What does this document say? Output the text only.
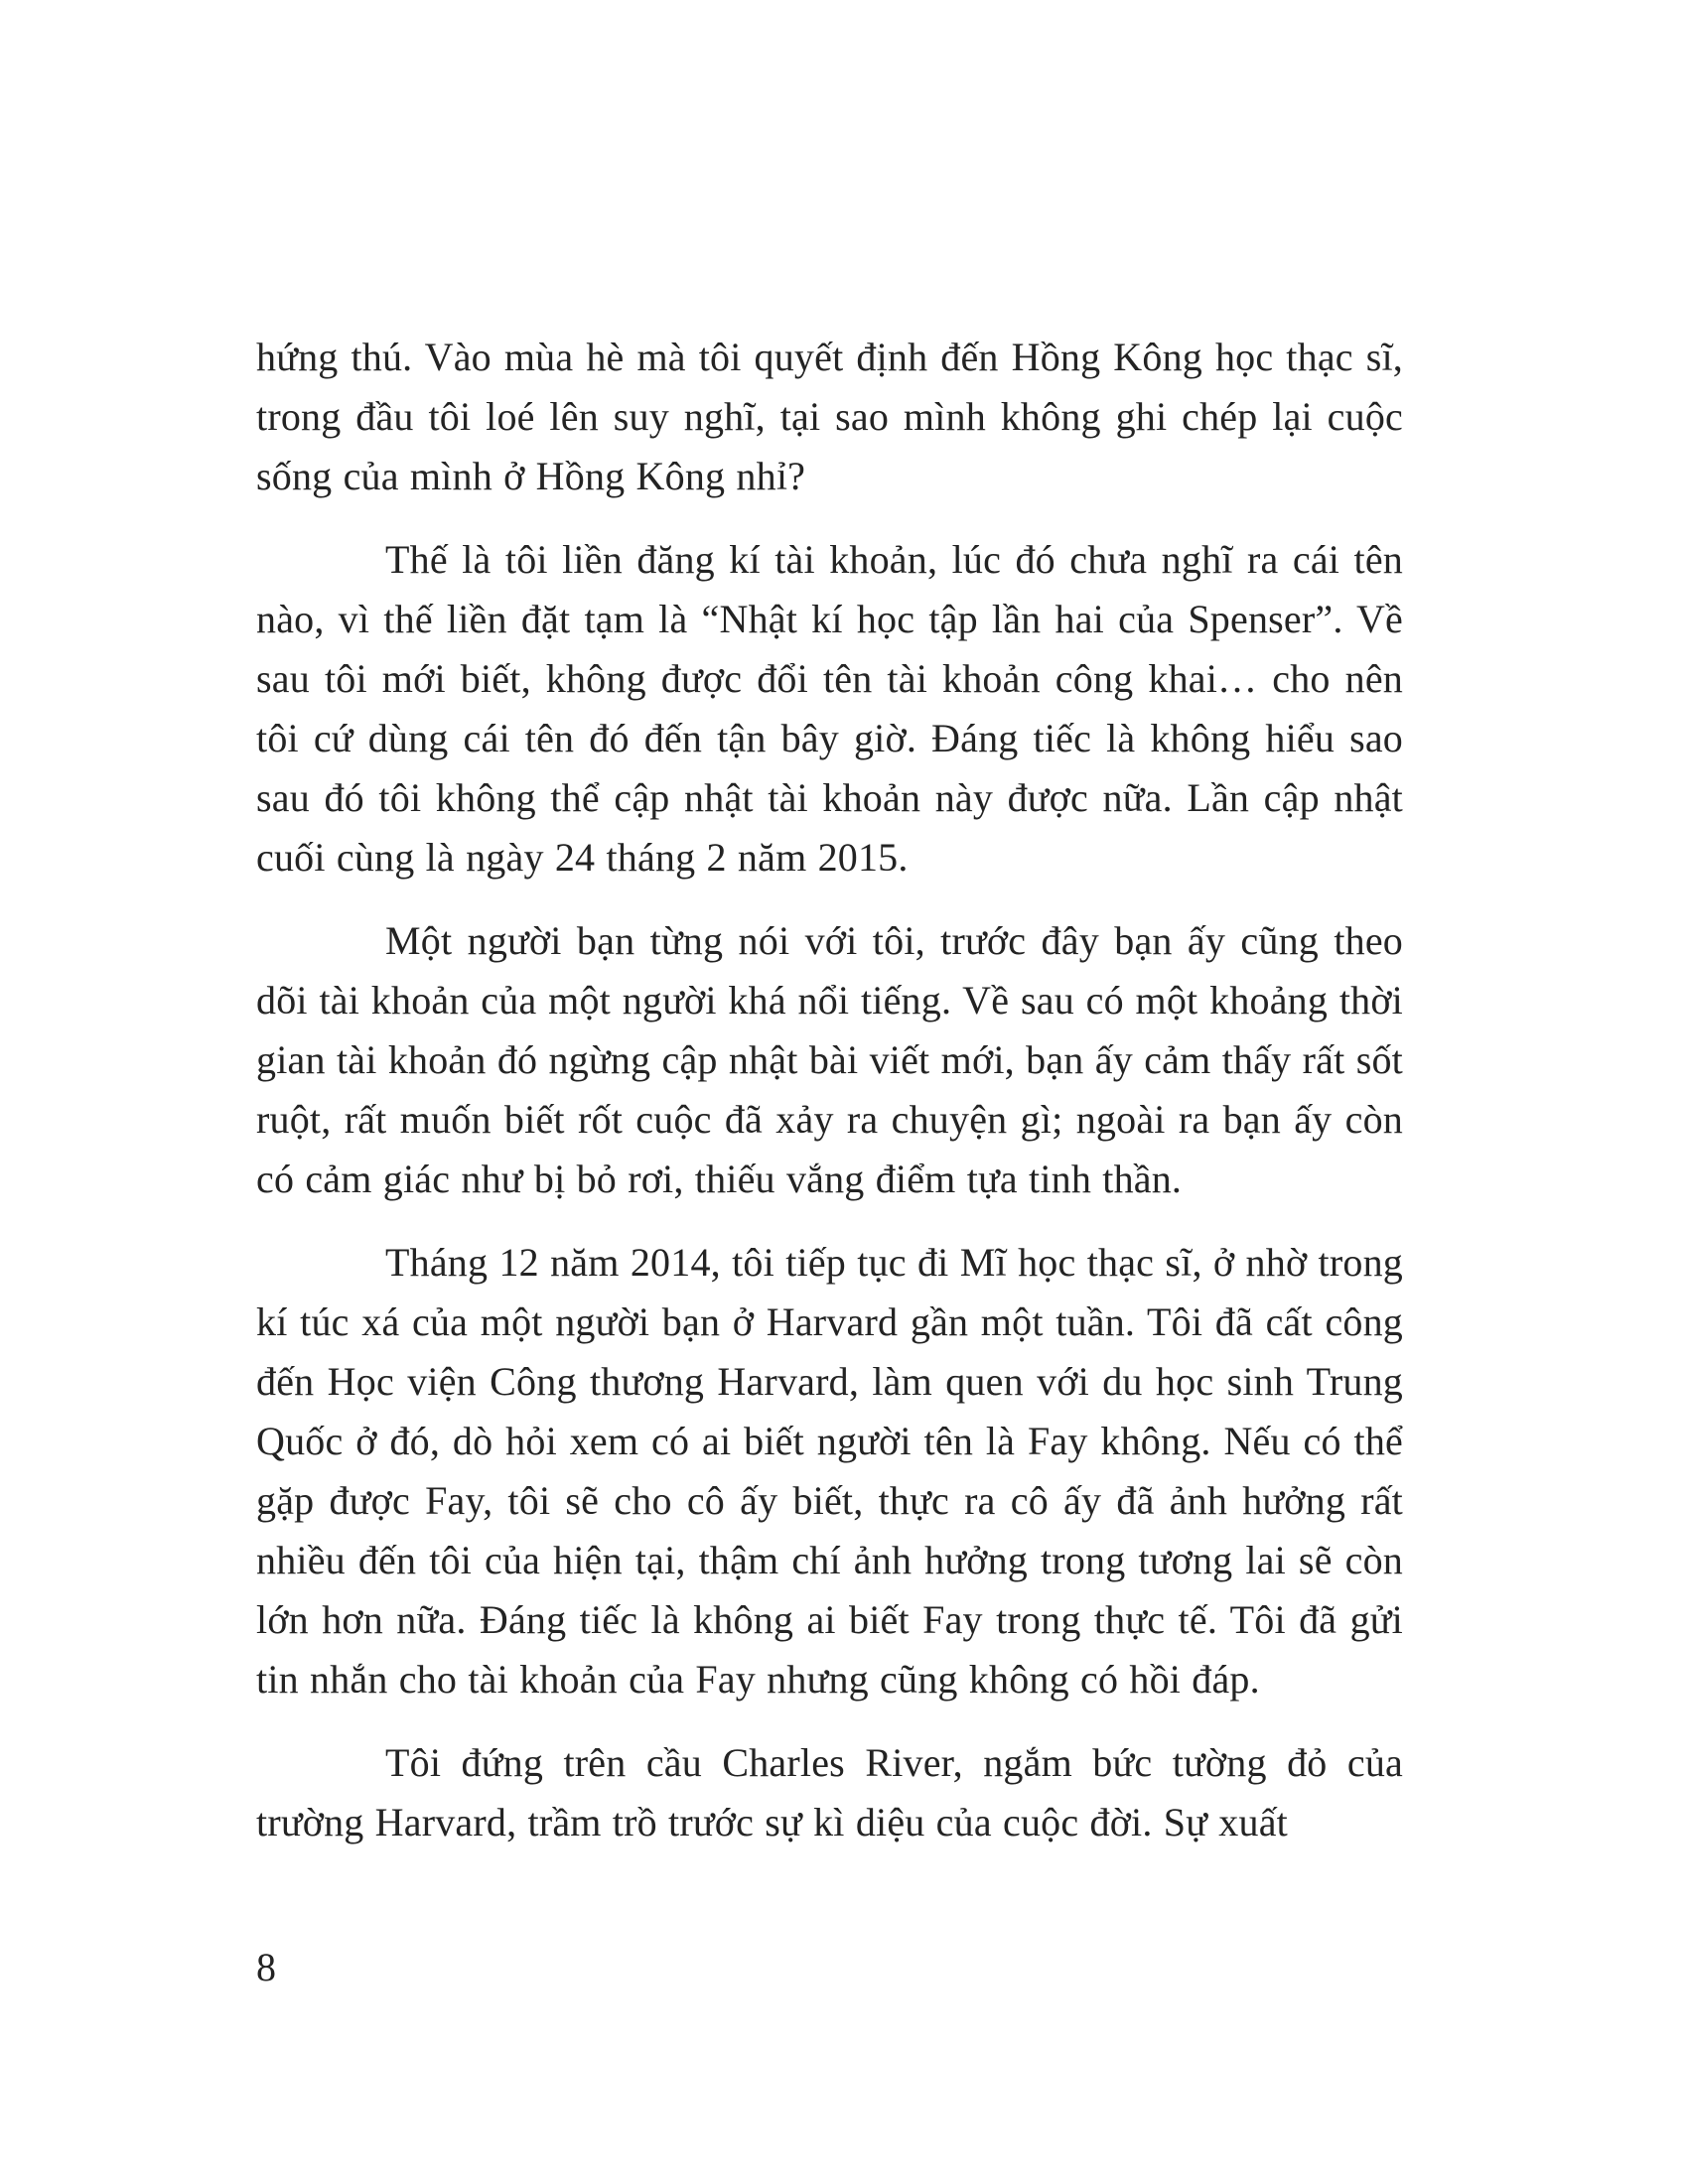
hứng thú. Vào mùa hè mà tôi quyết định đến Hồng Kông học thạc sĩ, trong đầu tôi loé lên suy nghĩ, tại sao mình không ghi chép lại cuộc sống của mình ở Hồng Kông nhỉ?

Thế là tôi liền đăng kí tài khoản, lúc đó chưa nghĩ ra cái tên nào, vì thế liền đặt tạm là “Nhật kí học tập lần hai của Spenser”. Về sau tôi mới biết, không được đổi tên tài khoản công khai… cho nên tôi cứ dùng cái tên đó đến tận bây giờ. Đáng tiếc là không hiểu sao sau đó tôi không thể cập nhật tài khoản này được nữa. Lần cập nhật cuối cùng là ngày 24 tháng 2 năm 2015.

Một người bạn từng nói với tôi, trước đây bạn ấy cũng theo dõi tài khoản của một người khá nổi tiếng. Về sau có một khoảng thời gian tài khoản đó ngừng cập nhật bài viết mới, bạn ấy cảm thấy rất sốt ruột, rất muốn biết rốt cuộc đã xảy ra chuyện gì; ngoài ra bạn ấy còn có cảm giác như bị bỏ rơi, thiếu vắng điểm tựa tinh thần.

Tháng 12 năm 2014, tôi tiếp tục đi Mĩ học thạc sĩ, ở nhờ trong kí túc xá của một người bạn ở Harvard gần một tuần. Tôi đã cất công đến Học viện Công thương Harvard, làm quen với du học sinh Trung Quốc ở đó, dò hỏi xem có ai biết người tên là Fay không. Nếu có thể gặp được Fay, tôi sẽ cho cô ấy biết, thực ra cô ấy đã ảnh hưởng rất nhiều đến tôi của hiện tại, thậm chí ảnh hưởng trong tương lai sẽ còn lớn hơn nữa. Đáng tiếc là không ai biết Fay trong thực tế. Tôi đã gửi tin nhắn cho tài khoản của Fay nhưng cũng không có hồi đáp.

Tôi đứng trên cầu Charles River, ngắm bức tường đỏ của trường Harvard, trầm trồ trước sự kì diệu của cuộc đời. Sự xuất

8
